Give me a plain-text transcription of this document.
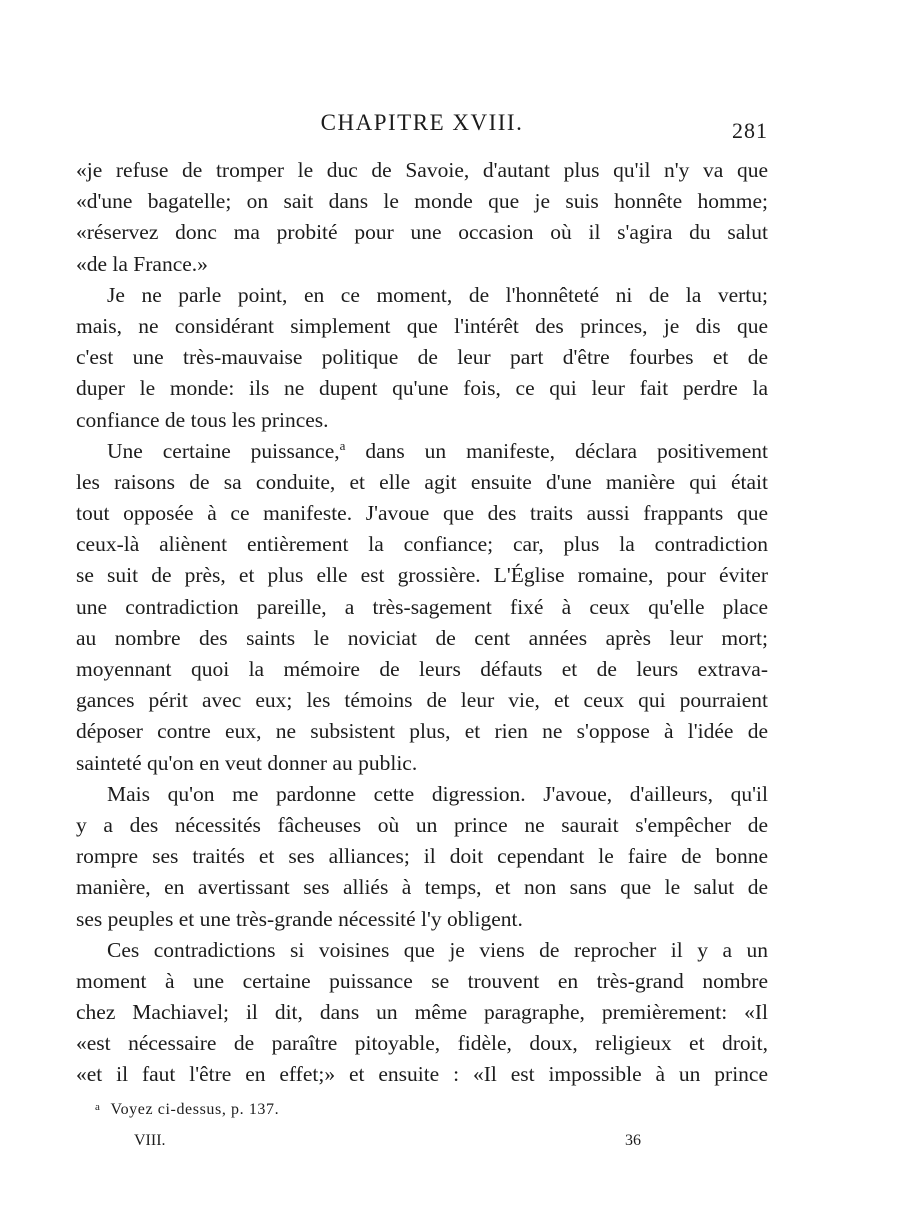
CHAPITRE XVIII.	281
«je refuse de tromper le duc de Savoie, d'autant plus qu'il n'y va que
«d'une bagatelle; on sait dans le monde que je suis honnête homme;
«réservez donc ma probité pour une occasion où il s'agira du salut
«de la France.»
Je ne parle point, en ce moment, de l'honnêteté ni de la vertu;
mais, ne considérant simplement que l'intérêt des princes, je dis que
c'est une très-mauvaise politique de leur part d'être fourbes et de
duper le monde: ils ne dupent qu'une fois, ce qui leur fait perdre la
confiance de tous les princes.
Une certaine puissance,$^a$ dans un manifeste, déclara positivement
les raisons de sa conduite, et elle agit ensuite d'une manière qui était
tout opposée à ce manifeste. J'avoue que des traits aussi frappants que
ceux-là aliènent entièrement la confiance; car, plus la contradiction
se suit de près, et plus elle est grossière. L'Église romaine, pour éviter
une contradiction pareille, a très-sagement fixé à ceux qu'elle place
au nombre des saints le noviciat de cent années après leur mort;
moyennant quoi la mémoire de leurs défauts et de leurs extrava-
gances périt avec eux; les témoins de leur vie, et ceux qui pourraient
déposer contre eux, ne subsistent plus, et rien ne s'oppose à l'idée de
sainteté qu'on en veut donner au public.
Mais qu'on me pardonne cette digression. J'avoue, d'ailleurs, qu'il
y a des nécessités fâcheuses où un prince ne saurait s'empêcher de
rompre ses traités et ses alliances; il doit cependant le faire de bonne
manière, en avertissant ses alliés à temps, et non sans que le salut de
ses peuples et une très-grande nécessité l'y obligent.
Ces contradictions si voisines que je viens de reprocher il y a un
moment à une certaine puissance se trouvent en très-grand nombre
chez Machiavel; il dit, dans un même paragraphe, premièrement: «Il
«est nécessaire de paraître pitoyable, fidèle, doux, religieux et droit,
«et il faut l'être en effet;» et ensuite : «Il est impossible à un prince
$^a$ Voyez ci-dessus, p. 137.
VIII.	36
